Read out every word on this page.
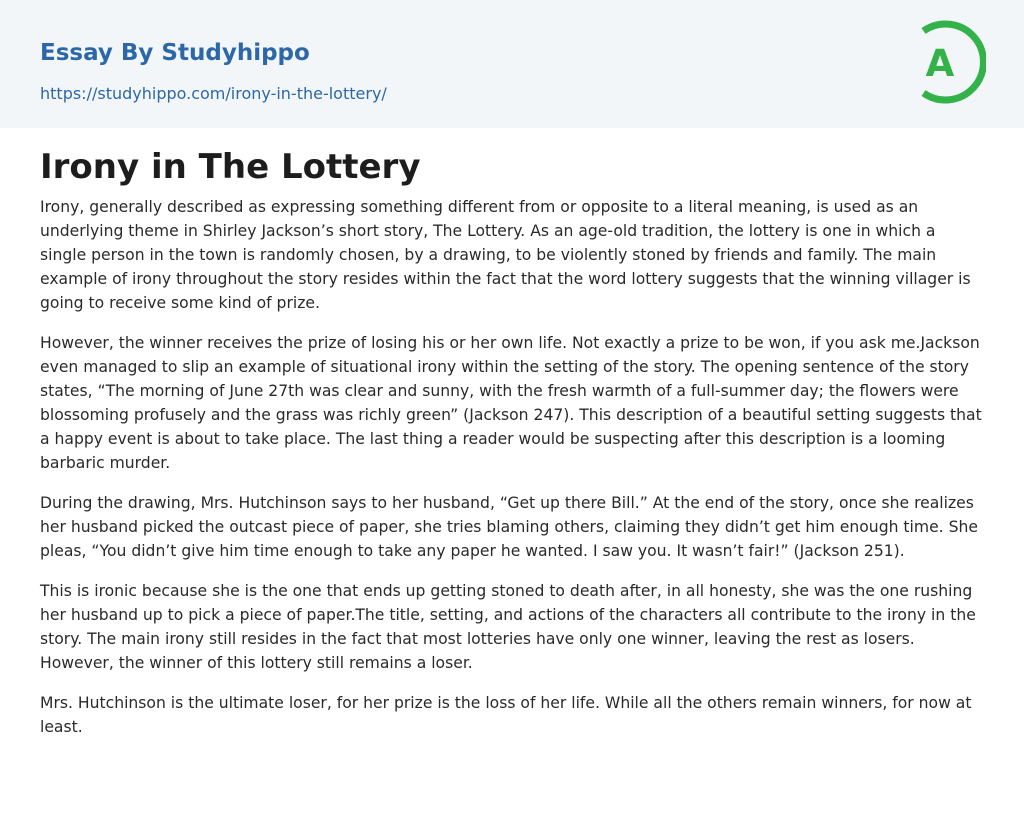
Essay By Studyhippo
https://studyhippo.com/irony-in-the-lottery/
A
Irony in The Lottery

Irony, generally described as expressing something different from or opposite to a literal meaning, is used as an underlying theme in Shirley Jackson’s short story, The Lottery. As an age-old tradition, the lottery is one in which a single person in the town is randomly chosen, by a drawing, to be violently stoned by friends and family. The main example of irony throughout the story resides within the fact that the word lottery suggests that the winning villager is going to receive some kind of prize.

However, the winner receives the prize of losing his or her own life. Not exactly a prize to be won, if you ask me.Jackson even managed to slip an example of situational irony within the setting of the story. The opening sentence of the story states, “The morning of June 27th was clear and sunny, with the fresh warmth of a full-summer day; the flowers were blossoming profusely and the grass was richly green” (Jackson 247). This description of a beautiful setting suggests that a happy event is about to take place. The last thing a reader would be suspecting after this description is a looming barbaric murder.

During the drawing, Mrs. Hutchinson says to her husband, “Get up there Bill.” At the end of the story, once she realizes her husband picked the outcast piece of paper, she tries blaming others, claiming they didn’t get him enough time. She pleas, “You didn’t give him time enough to take any paper he wanted. I saw you. It wasn’t fair!” (Jackson 251).

This is ironic because she is the one that ends up getting stoned to death after, in all honesty, she was the one rushing her husband up to pick a piece of paper.The title, setting, and actions of the characters all contribute to the irony in the story. The main irony still resides in the fact that most lotteries have only one winner, leaving the rest as losers. However, the winner of this lottery still remains a loser.

Mrs. Hutchinson is the ultimate loser, for her prize is the loss of her life. While all the others remain winners, for now at least.
